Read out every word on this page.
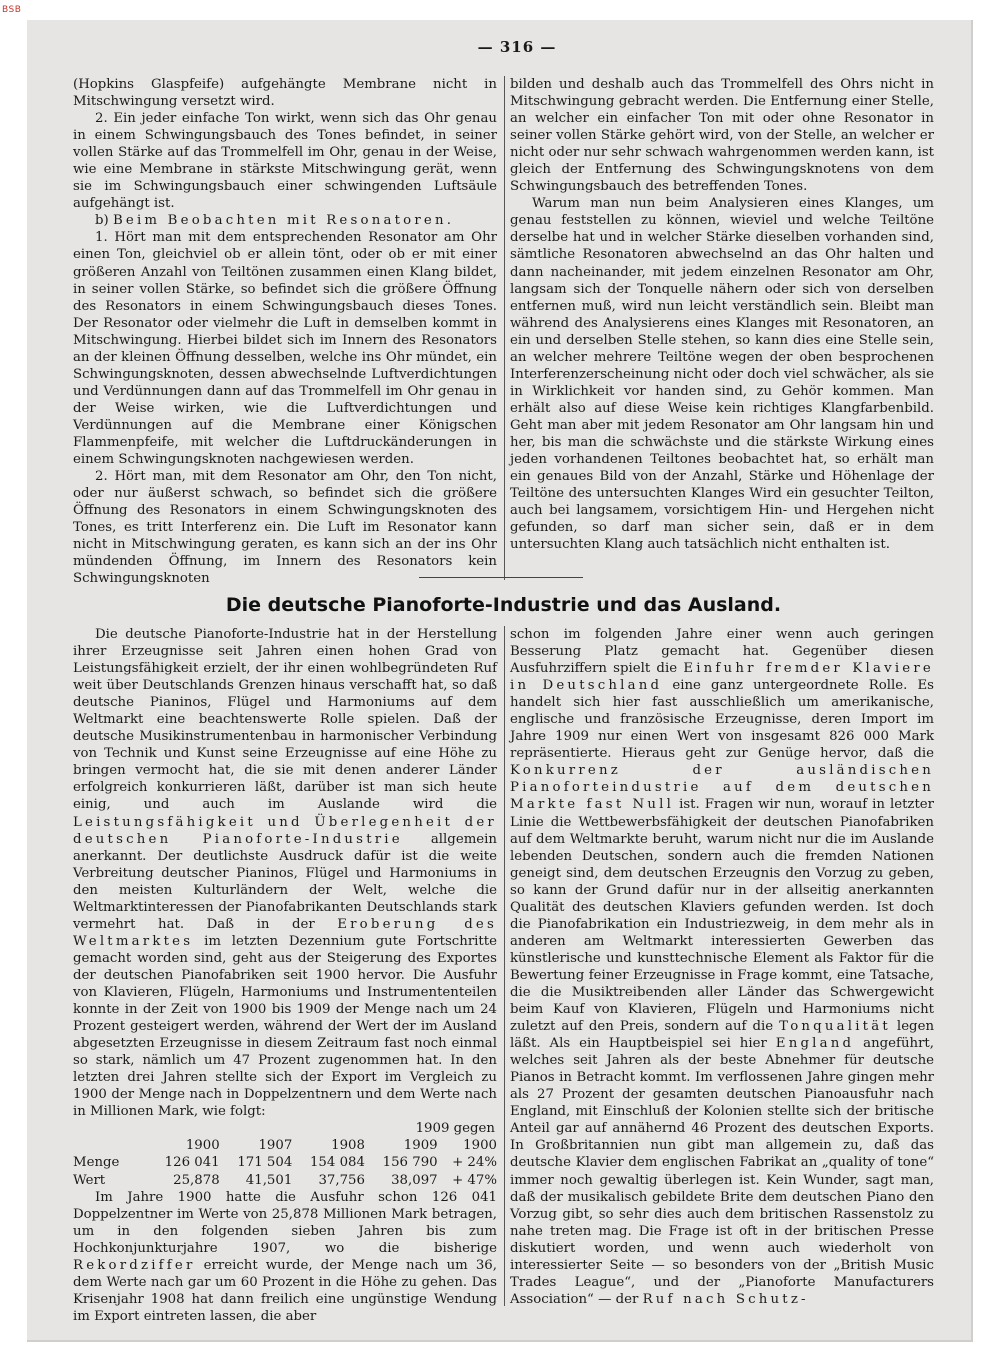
BSB
— 316 —

(Hopkins Glaspfeife) aufgehängte Membrane nicht in Mitschwingung versetzt wird.

2. Ein jeder einfache Ton wirkt, wenn sich das Ohr genau in einem Schwingungsbauch des Tones befindet, in seiner vollen Stärke auf das Trommelfell im Ohr, genau in der Weise, wie eine Membrane in stärkste Mitschwingung gerät, wenn sie im Schwingungsbauch einer schwingenden Luftsäule aufgehängt ist.

b) Beim Beobachten mit Resonatoren.

1. Hört man mit dem entsprechenden Resonator am Ohr einen Ton, gleichviel ob er allein tönt, oder ob er mit einer größeren Anzahl von Teiltönen zusammen einen Klang bildet, in seiner vollen Stärke, so befindet sich die größere Öffnung des Resonators in einem Schwingungsbauch dieses Tones. Der Resonator oder vielmehr die Luft in demselben kommt in Mitschwingung. Hierbei bildet sich im Innern des Resonators an der kleinen Öffnung desselben, welche ins Ohr mündet, ein Schwingungsknoten, dessen abwechselnde Luftverdichtungen und Verdünnungen dann auf das Trommelfell im Ohr genau in der Weise wirken, wie die Luftverdichtungen und Verdünnungen auf die Membrane einer Königschen Flammenpfeife, mit welcher die Luftdruckänderungen in einem Schwingungsknoten nachgewiesen werden.

2. Hört man, mit dem Resonator am Ohr, den Ton nicht, oder nur äußerst schwach, so befindet sich die größere Öffnung des Resonators in einem Schwingungsknoten des Tones, es tritt Interferenz ein. Die Luft im Resonator kann nicht in Mitschwingung geraten, es kann sich an der ins Ohr mündenden Öffnung, im Innern des Resonators kein Schwingungsknoten

bilden und deshalb auch das Trommelfell des Ohrs nicht in Mitschwingung gebracht werden. Die Entfernung einer Stelle, an welcher ein einfacher Ton mit oder ohne Resonator in seiner vollen Stärke gehört wird, von der Stelle, an welcher er nicht oder nur sehr schwach wahrgenommen werden kann, ist gleich der Entfernung des Schwingungsknotens von dem Schwingungsbauch des betreffenden Tones.

Warum man nun beim Analysieren eines Klanges, um genau feststellen zu können, wieviel und welche Teiltöne derselbe hat und in welcher Stärke dieselben vorhanden sind, sämtliche Resonatoren abwechselnd an das Ohr halten und dann nacheinander, mit jedem einzelnen Resonator am Ohr, langsam sich der Tonquelle nähern oder sich von derselben entfernen muß, wird nun leicht verständlich sein. Bleibt man während des Analysierens eines Klanges mit Resonatoren, an ein und derselben Stelle stehen, so kann dies eine Stelle sein, an welcher mehrere Teiltöne wegen der oben besprochenen Interferenzerscheinung nicht oder doch viel schwächer, als sie in Wirklichkeit vor handen sind, zu Gehör kommen. Man erhält also auf diese Weise kein richtiges Klangfarbenbild. Geht man aber mit jedem Resonator am Ohr langsam hin und her, bis man die schwächste und die stärkste Wirkung eines jeden vorhandenen Teiltones beobachtet hat, so erhält man ein genaues Bild von der Anzahl, Stärke und Höhenlage der Teiltöne des untersuchten Klanges Wird ein gesuchter Teilton, auch bei langsamem, vorsichtigem Hin- und Hergehen nicht gefunden, so darf man sicher sein, daß er in dem untersuchten Klang auch tatsächlich nicht enthalten ist.

Die deutsche Pianoforte-Industrie und das Ausland.

Die deutsche Pianoforte-Industrie hat in der Herstellung ihrer Erzeugnisse seit Jahren einen hohen Grad von Leistungsfähigkeit erzielt, der ihr einen wohlbegründeten Ruf weit über Deutschlands Grenzen hinaus verschafft hat, so daß deutsche Pianinos, Flügel und Harmoniums auf dem Weltmarkt eine beachtenswerte Rolle spielen. Daß der deutsche Musikinstrumentenbau in harmonischer Verbindung von Technik und Kunst seine Erzeugnisse auf eine Höhe zu bringen vermocht hat, die sie mit denen anderer Länder erfolgreich konkurrieren läßt, darüber ist man sich heute einig, und auch im Auslande wird die Leistungsfähigkeit und Überlegenheit der deutschen Pianoforte-Industrie allgemein anerkannt. Der deutlichste Ausdruck dafür ist die weite Verbreitung deutscher Pianinos, Flügel und Harmoniums in den meisten Kulturländern der Welt, welche die Weltmarktinteressen der Pianofabrikanten Deutschlands stark vermehrt hat. Daß in der Eroberung des Weltmarktes im letzten Dezennium gute Fortschritte gemacht worden sind, geht aus der Steigerung des Exportes der deutschen Pianofabriken seit 1900 hervor. Die Ausfuhr von Klavieren, Flügeln, Harmoniums und Instrumententeilen konnte in der Zeit von 1900 bis 1909 der Menge nach um 24 Prozent gesteigert werden, während der Wert der im Ausland abgesetzten Erzeugnisse in diesem Zeitraum fast noch einmal so stark, nämlich um 47 Prozent zugenommen hat. In den letzten drei Jahren stellte sich der Export im Vergleich zu 1900 der Menge nach in Doppelzentnern und dem Werte nach in Millionen Mark, wie folgt:

1909 gegen

	1900	1907	1908	1909	1900
Menge	126 041	171 504	154 084	156 790	+ 24%
Wert	25,878	41,501	37,756	38,097	+ 47%

Im Jahre 1900 hatte die Ausfuhr schon 126 041 Doppelzentner im Werte von 25,878 Millionen Mark betragen, um in den folgenden sieben Jahren bis zum Hochkonjunkturjahre 1907, wo die bisherige Rekordziffer erreicht wurde, der Menge nach um 36, dem Werte nach gar um 60 Prozent in die Höhe zu gehen. Das Krisenjahr 1908 hat dann freilich eine ungünstige Wendung im Export eintreten lassen, die aber

schon im folgenden Jahre einer wenn auch geringen Besserung Platz gemacht hat. Gegenüber diesen Ausfuhrziffern spielt die Einfuhr fremder Klaviere in Deutschland eine ganz untergeordnete Rolle. Es handelt sich hier fast ausschließlich um amerikanische, englische und französische Erzeugnisse, deren Import im Jahre 1909 nur einen Wert von insgesamt 826 000 Mark repräsentierte. Hieraus geht zur Genüge hervor, daß die Konkurrenz der ausländischen Pianoforteindustrie auf dem deutschen Markte fast Null ist. Fragen wir nun, worauf in letzter Linie die Wettbewerbsfähigkeit der deutschen Pianofabriken auf dem Weltmarkte beruht, warum nicht nur die im Auslande lebenden Deutschen, sondern auch die fremden Nationen geneigt sind, dem deutschen Erzeugnis den Vorzug zu geben, so kann der Grund dafür nur in der allseitig anerkannten Qualität des deutschen Klaviers gefunden werden. Ist doch die Pianofabrikation ein Industriezweig, in dem mehr als in anderen am Weltmarkt interessierten Gewerben das künstlerische und kunsttechnische Element als Faktor für die Bewertung feiner Erzeugnisse in Frage kommt, eine Tatsache, die die Musiktreibenden aller Länder das Schwergewicht beim Kauf von Klavieren, Flügeln und Harmoniums nicht zuletzt auf den Preis, sondern auf die Tonqualität legen läßt. Als ein Hauptbeispiel sei hier England angeführt, welches seit Jahren als der beste Abnehmer für deutsche Pianos in Betracht kommt. Im verflossenen Jahre gingen mehr als 27 Prozent der gesamten deutschen Pianoausfuhr nach England, mit Einschluß der Kolonien stellte sich der britische Anteil gar auf annähernd 46 Prozent des deutschen Exports. In Großbritannien nun gibt man allgemein zu, daß das deutsche Klavier dem englischen Fabrikat an „quality of tone“ immer noch gewaltig überlegen ist. Kein Wunder, sagt man, daß der musikalisch gebildete Brite dem deutschen Piano den Vorzug gibt, so sehr dies auch dem britischen Rassenstolz zu nahe treten mag. Die Frage ist oft in der britischen Presse diskutiert worden, und wenn auch wiederholt von interessierter Seite — so besonders von der „British Music Trades League“, und der „Pianoforte Manufacturers Association“ — der Ruf nach Schutz-
